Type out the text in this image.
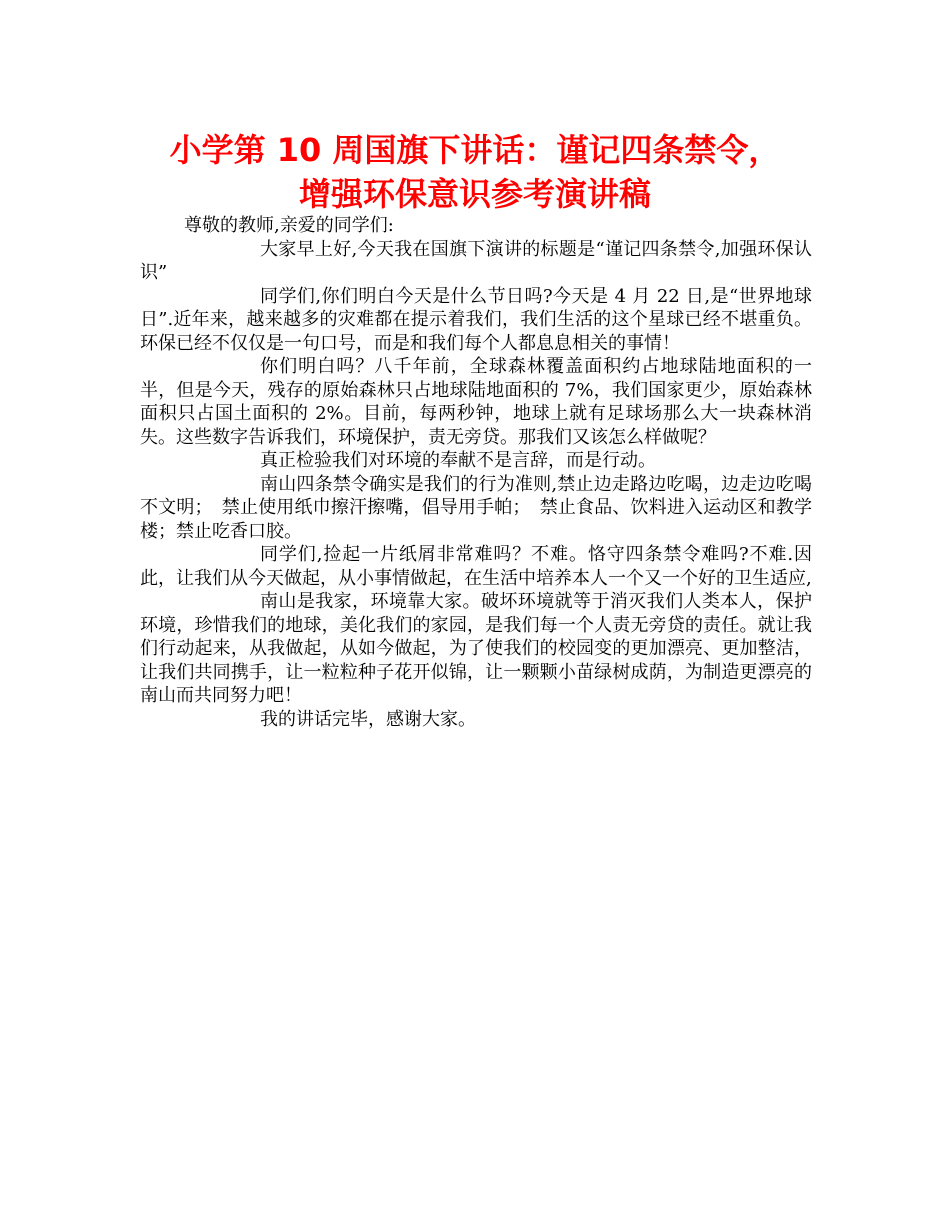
小学第 10 周国旗下讲话：谨记四条禁令，
增强环保意识参考演讲稿

尊敬的教师,亲爱的同学们:

大家早上好,今天我在国旗下演讲的标题是“谨记四条禁令,加强环保认识”

同学们,你们明白今天是什么节日吗?今天是 4 月 22 日,是“世界地球日”.近年来，越来越多的灾难都在提示着我们，我们生活的这个星球已经不堪重负。环保已经不仅仅是一句口号，而是和我们每个人都息息相关的事情！

你们明白吗？八千年前，全球森林覆盖面积约占地球陆地面积的一半，但是今天，残存的原始森林只占地球陆地面积的 7%，我们国家更少，原始森林面积只占国土面积的 2%。目前，每两秒钟，地球上就有足球场那么大一块森林消失。这些数字告诉我们，环境保护，责无旁贷。那我们又该怎么样做呢？

真正检验我们对环境的奉献不是言辞，而是行动。

南山四条禁令确实是我们的行为准则,禁止边走路边吃喝，边走边吃喝不文明；　禁止使用纸巾擦汗擦嘴，倡导用手帕；　禁止食品、饮料进入运动区和教学楼；禁止吃香口胶。

同学们,捡起一片纸屑非常难吗？不难。恪守四条禁令难吗?不难.因此，让我们从今天做起，从小事情做起，在生活中培养本人一个又一个好的卫生适应,

南山是我家，环境靠大家。破坏环境就等于消灭我们人类本人，保护环境，珍惜我们的地球，美化我们的家园，是我们每一个人责无旁贷的责任。就让我们行动起来，从我做起，从如今做起，为了使我们的校园变的更加漂亮、更加整洁，让我们共同携手，让一粒粒种子花开似锦，让一颗颗小苗绿树成荫，为制造更漂亮的南山而共同努力吧！

我的讲话完毕，感谢大家。
